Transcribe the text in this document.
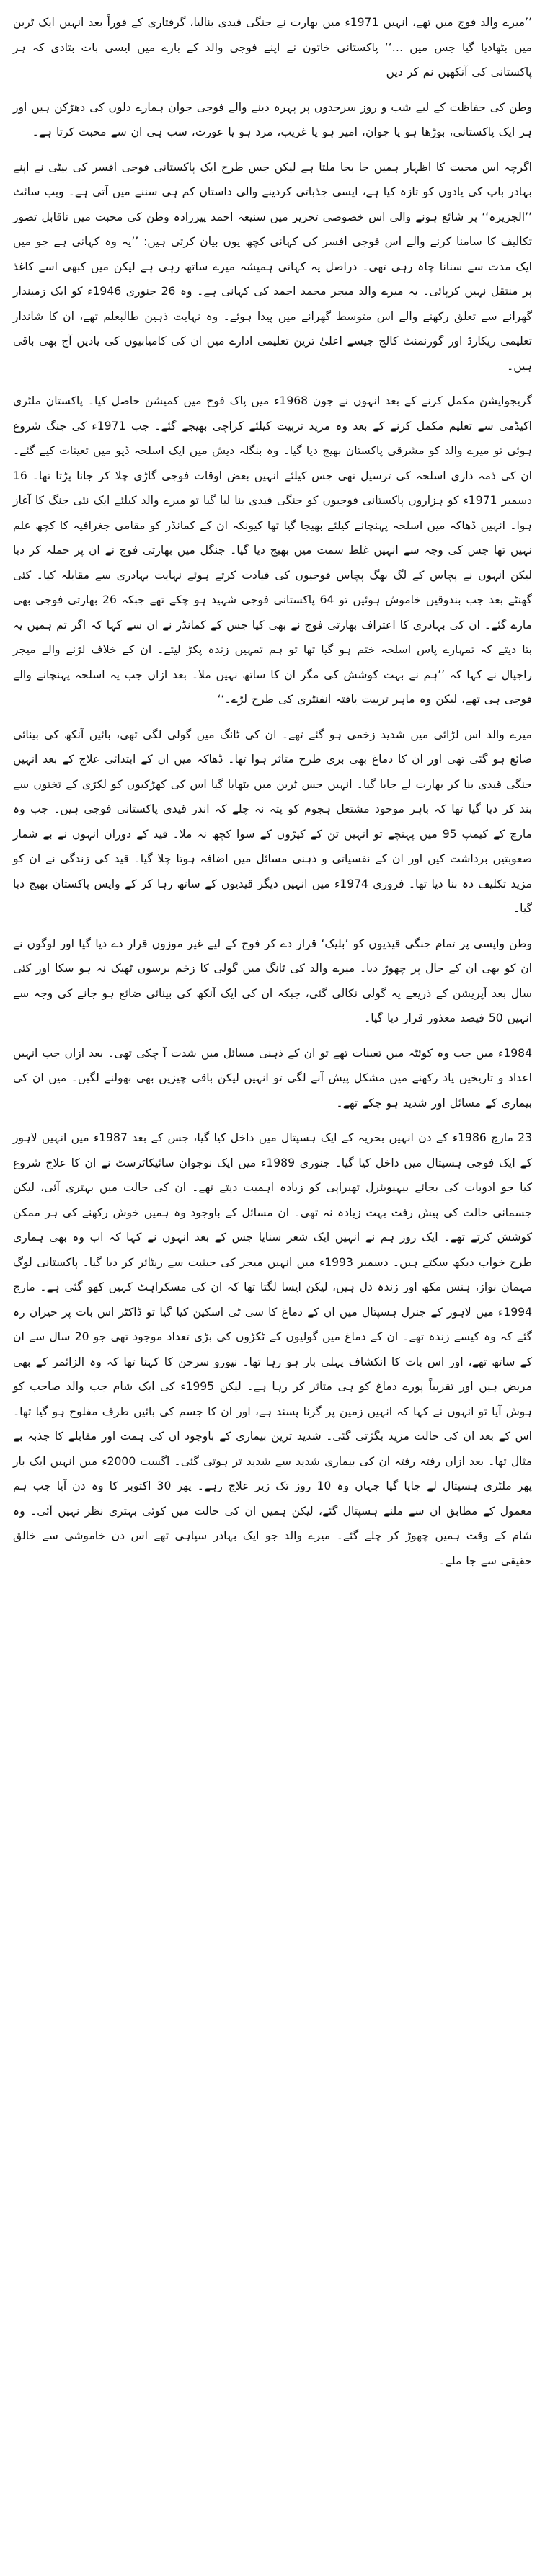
’’میرے والد فوج میں تھے، انہیں 1971ء میں بھارت نے جنگی قیدی بنالیا، گرفتاری کے فوراً بعد انہیں ایک ٹرین میں بٹھادیا گیا جس میں …‘‘ پاکستانی خاتون نے اپنے فوجی والد کے بارے میں ایسی بات بتادی کہ ہر پاکستانی کی آنکھیں نم کر دیں

وطن کی حفاظت کے لیے شب و روز سرحدوں پر پہرہ دینے والے فوجی جوان ہمارے دلوں کی دھڑکن ہیں اور ہر ایک پاکستانی، بوڑھا ہو یا جوان، امیر ہو یا غریب، مرد ہو یا عورت، سب ہی ان سے محبت کرتا ہے۔

اگرچہ اس محبت کا اظہار ہمیں جا بجا ملتا ہے لیکن جس طرح ایک پاکستانی فوجی افسر کی بیٹی نے اپنے بہادر باپ کی یادوں کو تازہ کیا ہے، ایسی جذباتی کردینے والی داستان کم ہی سننے میں آتی ہے۔ ویب سائٹ ’’الجزیرہ‘‘ پر شائع ہونے والی اس خصوصی تحریر میں سنیعہ احمد پیرزادہ وطن کی محبت میں ناقابل تصور تکالیف کا سامنا کرنے والے اس فوجی افسر کی کہانی کچھ یوں بیان کرتی ہیں: ’’یہ وہ کہانی ہے جو میں ایک مدت سے سنانا چاہ رہی تھی۔ دراصل یہ کہانی ہمیشہ میرے ساتھ رہی ہے لیکن میں کبھی اسے کاغذ پر منتقل نہیں کرپائی۔ یہ میرے والد میجر محمد احمد کی کہانی ہے۔ وہ 26 جنوری 1946ء کو ایک زمیندار گھرانے سے تعلق رکھنے والے اس متوسط گھرانے میں پیدا ہوئے۔ وہ نہایت ذہین طالبعلم تھے، ان کا شاندار تعلیمی ریکارڈ اور گورنمنٹ کالج جیسے اعلیٰ ترین تعلیمی ادارے میں ان کی کامیابیوں کی یادیں آج بھی باقی ہیں۔

گریجوایشن مکمل کرنے کے بعد انہوں نے جون 1968ء میں پاک فوج میں کمیشن حاصل کیا۔ پاکستان ملٹری اکیڈمی سے تعلیم مکمل کرنے کے بعد وہ مزید تربیت کیلئے کراچی بھیجے گئے۔ جب 1971ء کی جنگ شروع ہوئی تو میرے والد کو مشرقی پاکستان بھیج دیا گیا۔ وہ بنگلہ دیش میں ایک اسلحہ ڈپو میں تعینات کیے گئے۔ ان کی ذمہ داری اسلحہ کی ترسیل تھی جس کیلئے انہیں بعض اوقات فوجی گاڑی چلا کر جانا پڑتا تھا۔ 16 دسمبر 1971ء کو ہزاروں پاکستانی فوجیوں کو جنگی قیدی بنا لیا گیا تو میرے والد کیلئے ایک نئی جنگ کا آغاز ہوا۔ انہیں ڈھاکہ میں اسلحہ پہنچانے کیلئے بھیجا گیا تھا کیونکہ ان کے کمانڈر کو مقامی جغرافیہ کا کچھ علم نہیں تھا جس کی وجہ سے انہیں غلط سمت میں بھیج دیا گیا۔ جنگل میں بھارتی فوج نے ان پر حملہ کر دیا لیکن انہوں نے پچاس کے لگ بھگ پچاس فوجیوں کی قیادت کرتے ہوئے نہایت بہادری سے مقابلہ کیا۔ کئی گھنٹے بعد جب بندوقیں خاموش ہوئیں تو 64 پاکستانی فوجی شہید ہو چکے تھے جبکہ 26 بھارتی فوجی بھی مارے گئے۔ ان کی بہادری کا اعتراف بھارتی فوج نے بھی کیا جس کے کمانڈر نے ان سے کہا کہ اگر تم ہمیں یہ بتا دیتے کہ تمہارے پاس اسلحہ ختم ہو گیا تھا تو ہم تمہیں زندہ پکڑ لیتے۔ ان کے خلاف لڑنے والے میجر راجپال نے کہا کہ ’’ہم نے بہت کوشش کی مگر ان کا ساتھ نہیں ملا۔ بعد ازاں جب یہ اسلحہ پہنچانے والے فوجی ہی تھے، لیکن وہ ماہر تربیت یافتہ انفنٹری کی طرح لڑے۔‘‘

میرے والد اس لڑائی میں شدید زخمی ہو گئے تھے۔ ان کی ٹانگ میں گولی لگی تھی، بائیں آنکھ کی بینائی ضائع ہو گئی تھی اور ان کا دماغ بھی بری طرح متاثر ہوا تھا۔ ڈھاکہ میں ان کے ابتدائی علاج کے بعد انہیں جنگی قیدی بنا کر بھارت لے جایا گیا۔ انہیں جس ٹرین میں بٹھایا گیا اس کی کھڑکیوں کو لکڑی کے تختوں سے بند کر دیا گیا تھا کہ باہر موجود مشتعل ہجوم کو پتہ نہ چلے کہ اندر قیدی پاکستانی فوجی ہیں۔ جب وہ مارچ کے کیمپ 95 میں پہنچے تو انہیں تن کے کپڑوں کے سوا کچھ نہ ملا۔ قید کے دوران انہوں نے بے شمار صعوبتیں برداشت کیں اور ان کے نفسیاتی و ذہنی مسائل میں اضافہ ہوتا چلا گیا۔ قید کی زندگی نے ان کو مزید تکلیف دہ بنا دیا تھا۔ فروری 1974ء میں انہیں دیگر قیدیوں کے ساتھ رہا کر کے واپس پاکستان بھیج دیا گیا۔

وطن واپسی پر تمام جنگی قیدیوں کو ’بلیک‘ قرار دے کر فوج کے لیے غیر موزوں قرار دے دیا گیا اور لوگوں نے ان کو بھی ان کے حال پر چھوڑ دیا۔ میرے والد کی ٹانگ میں گولی کا زخم برسوں ٹھیک نہ ہو سکا اور کئی سال بعد آپریشن کے ذریعے یہ گولی نکالی گئی، جبکہ ان کی ایک آنکھ کی بینائی ضائع ہو جانے کی وجہ سے انہیں 50 فیصد معذور قرار دیا گیا۔

1984ء میں جب وہ کوئٹہ میں تعینات تھے تو ان کے ذہنی مسائل میں شدت آ چکی تھی۔ بعد ازاں جب انہیں اعداد و تاریخیں یاد رکھنے میں مشکل پیش آنے لگی تو انہیں لیکن باقی چیزیں بھی بھولنے لگیں۔ میں ان کی بیماری کے مسائل اور شدید ہو چکے تھے۔

23 مارچ 1986ء کے دن انہیں بحریہ کے ایک ہسپتال میں داخل کیا گیا، جس کے بعد 1987ء میں انہیں لاہور کے ایک فوجی ہسپتال میں داخل کیا گیا۔ جنوری 1989ء میں ایک نوجوان سائیکاٹرسٹ نے ان کا علاج شروع کیا جو ادویات کی بجائے بیہیویئرل تھیراپی کو زیادہ اہمیت دیتے تھے۔ ان کی حالت میں بہتری آئی، لیکن جسمانی حالت کی پیش رفت بہت زیادہ نہ تھی۔ ان مسائل کے باوجود وہ ہمیں خوش رکھنے کی ہر ممکن کوشش کرتے تھے۔ ایک روز ہم نے انہیں ایک شعر سنایا جس کے بعد انہوں نے کہا کہ اب وہ بھی ہماری طرح خواب دیکھ سکتے ہیں۔ دسمبر 1993ء میں انہیں میجر کی حیثیت سے ریٹائر کر دیا گیا۔ پاکستانی لوگ مہمان نواز، ہنس مکھ اور زندہ دل ہیں، لیکن ایسا لگتا تھا کہ ان کی مسکراہٹ کہیں کھو گئی ہے۔ مارچ 1994ء میں لاہور کے جنرل ہسپتال میں ان کے دماغ کا سی ٹی اسکین کیا گیا تو ڈاکٹر اس بات پر حیران رہ گئے کہ وہ کیسے زندہ تھے۔ ان کے دماغ میں گولیوں کے ٹکڑوں کی بڑی تعداد موجود تھی جو 20 سال سے ان کے ساتھ تھے، اور اس بات کا انکشاف پہلی بار ہو رہا تھا۔ نیورو سرجن کا کہنا تھا کہ وہ الزائمر کے بھی مریض ہیں اور تقریباً پورے دماغ کو ہی متاثر کر رہا ہے۔ لیکن 1995ء کی ایک شام جب والد صاحب کو ہوش آیا تو انہوں نے کہا کہ انہیں زمین پر گرنا پسند ہے، اور ان کا جسم کی بائیں طرف مفلوج ہو گیا تھا۔ اس کے بعد ان کی حالت مزید بگڑتی گئی۔ شدید ترین بیماری کے باوجود ان کی ہمت اور مقابلے کا جذبہ بے مثال تھا۔ بعد ازاں رفتہ رفتہ ان کی بیماری شدید سے شدید تر ہوتی گئی۔ اگست 2000ء میں انہیں ایک بار پھر ملٹری ہسپتال لے جایا گیا جہاں وہ 10 روز تک زیر علاج رہے۔ پھر 30 اکتوبر کا وہ دن آیا جب ہم معمول کے مطابق ان سے ملنے ہسپتال گئے، لیکن ہمیں ان کی حالت میں کوئی بہتری نظر نہیں آئی۔ وہ شام کے وقت ہمیں چھوڑ کر چلے گئے۔ میرے والد جو ایک بہادر سپاہی تھے اس دن خاموشی سے خالق حقیقی سے جا ملے۔
